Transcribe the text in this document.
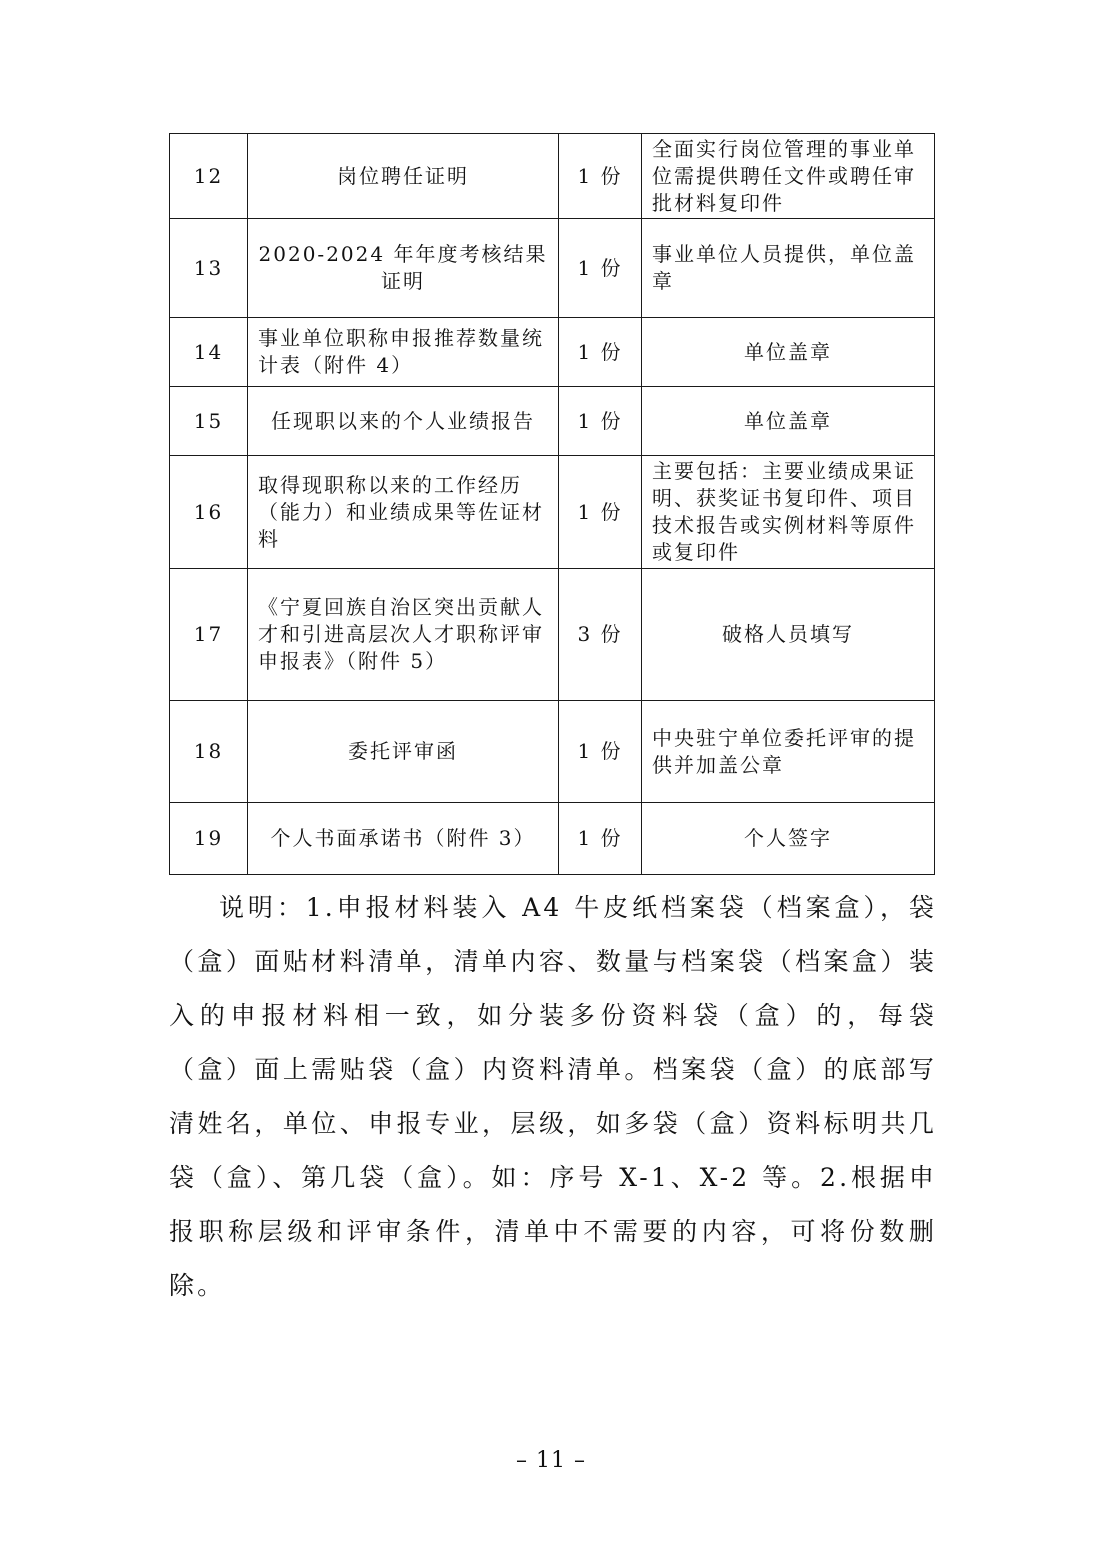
12	岗位聘任证明	1 份	全面实行岗位管理的事业单位需提供聘任文件或聘任审批材料复印件
13	2020-2024 年年度考核结果证明	1 份	事业单位人员提供，单位盖章
14	事业单位职称申报推荐数量统计表（附件 4）	1 份	单位盖章
15	任现职以来的个人业绩报告	1 份	单位盖章
16	取得现职称以来的工作经历（能力）和业绩成果等佐证材料	1 份	主要包括：主要业绩成果证明、获奖证书复印件、项目技术报告或实例材料等原件或复印件
17	《宁夏回族自治区突出贡献人才和引进高层次人才职称评审申报表》（附件 5）	3 份	破格人员填写
18	委托评审函	1 份	中央驻宁单位委托评审的提供并加盖公章
19	个人书面承诺书（附件 3）	1 份	个人签字

说明：1.申报材料装入 A4 牛皮纸档案袋（档案盒），袋（盒）面贴材料清单，清单内容、数量与档案袋（档案盒）装入的申报材料相一致，如分装多份资料袋（盒）的，每袋（盒）面上需贴袋（盒）内资料清单。档案袋（盒）的底部写清姓名，单位、申报专业，层级，如多袋（盒）资料标明共几袋（盒）、第几袋（盒）。如：序号 X-1、X-2 等。2.根据申报职称层级和评审条件，清单中不需要的内容，可将份数删除。

– 11 –
